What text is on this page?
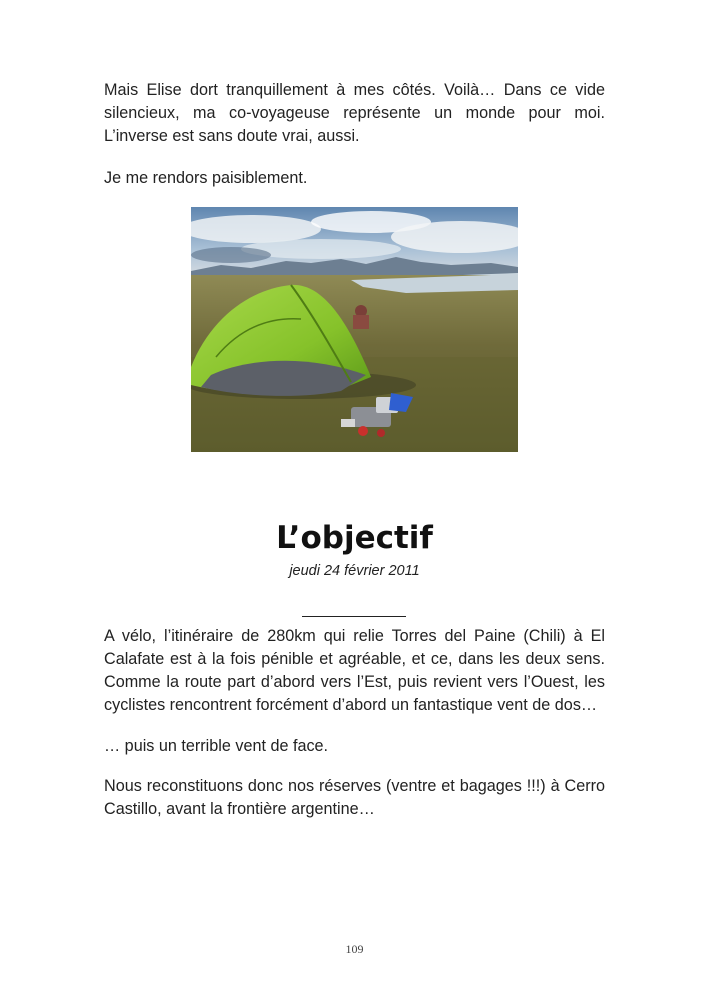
Mais Elise dort tranquillement à mes côtés. Voilà… Dans ce vide silencieux, ma co-voyageuse représente un monde pour moi. L’inverse est sans doute vrai, aussi.

Je me rendors paisiblement.

L’objectif
jeudi 24 février 2011

A vélo, l’itinéraire de 280km qui relie Torres del Paine (Chili) à El Calafate est à la fois pénible et agréable, et ce, dans les deux sens. Comme la route part d’abord vers l’Est, puis revient vers l’Ouest, les cyclistes rencontrent forcément d’abord un fantastique vent de dos…

… puis un terrible vent de face.

Nous reconstituons donc nos réserves (ventre et bagages !!!) à Cerro Castillo, avant la frontière argentine…

109
